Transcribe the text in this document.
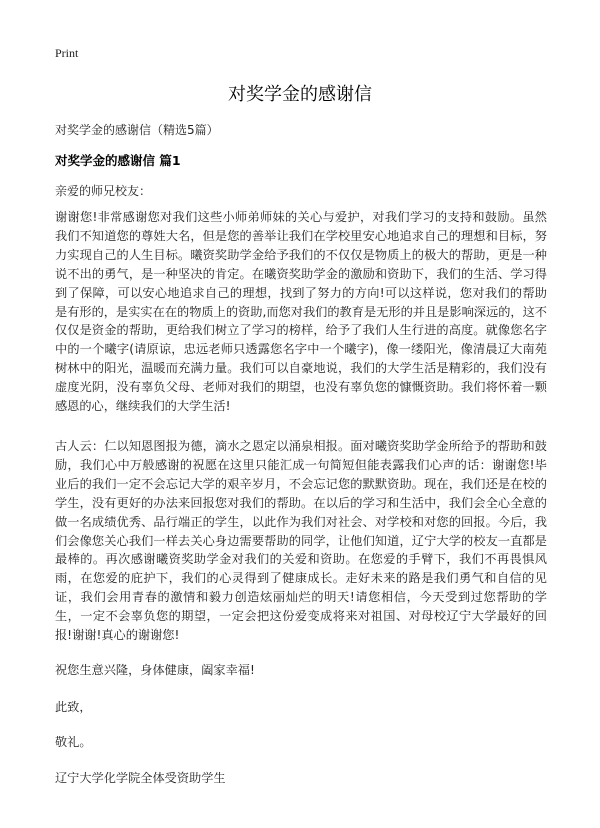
Print
对奖学金的感谢信
对奖学金的感谢信（精选5篇）
对奖学金的感谢信 篇1
亲爱的师兄校友：

谢谢您!非常感谢您对我们这些小师弟师妹的关心与爱护，对我们学习的支持和鼓励。虽然我们不知道您的尊姓大名，但是您的善举让我们在学校里安心地追求自己的理想和目标，努力实现自己的人生目标。曦资奖助学金给予我们的不仅仅是物质上的极大的帮助，更是一种说不出的勇气，是一种坚决的肯定。在曦资奖助学金的激励和资助下，我们的生活、学习得到了保障，可以安心地追求自己的理想，找到了努力的方向!可以这样说，您对我们的帮助是有形的，是实实在在的物质上的资助,而您对我们的教育是无形的并且是影响深远的，这不仅仅是资金的帮助，更给我们树立了学习的榜样，给予了我们人生行进的高度。就像您名字中的一个曦字(请原谅，忠远老师只透露您名字中一个曦字)，像一缕阳光，像清晨辽大南苑树林中的阳光，温暖而充满力量。我们可以自豪地说，我们的大学生活是精彩的，我们没有虚度光阴，没有辜负父母、老师对我们的期望，也没有辜负您的慷慨资助。我们将怀着一颗感恩的心，继续我们的大学生活!

古人云：仁以知恩图报为德，滴水之恩定以涌泉相报。面对曦资奖助学金所给予的帮助和鼓励，我们心中万般感谢的祝愿在这里只能汇成一句简短但能表露我们心声的话：谢谢您!毕业后的我们一定不会忘记大学的艰辛岁月，不会忘记您的默默资助。现在，我们还是在校的学生，没有更好的办法来回报您对我们的帮助。在以后的学习和生活中，我们会全心全意的做一名成绩优秀、品行端正的学生，以此作为我们对社会、对学校和对您的回报。今后，我们会像您关心我们一样去关心身边需要帮助的同学，让他们知道，辽宁大学的校友一直都是最棒的。再次感谢曦资奖助学金对我们的关爱和资助。在您爱的手臂下，我们不再畏惧风雨，在您爱的庇护下，我们的心灵得到了健康成长。走好未来的路是我们勇气和自信的见证，我们会用青春的激情和毅力创造炫丽灿烂的明天!请您相信，今天受到过您帮助的学生，一定不会辜负您的期望，一定会把这份爱变成将来对祖国、对母校辽宁大学最好的回报!谢谢!真心的谢谢您!

祝您生意兴隆，身体健康，阖家幸福!
此致，
敬礼。
辽宁大学化学院全体受资助学生
